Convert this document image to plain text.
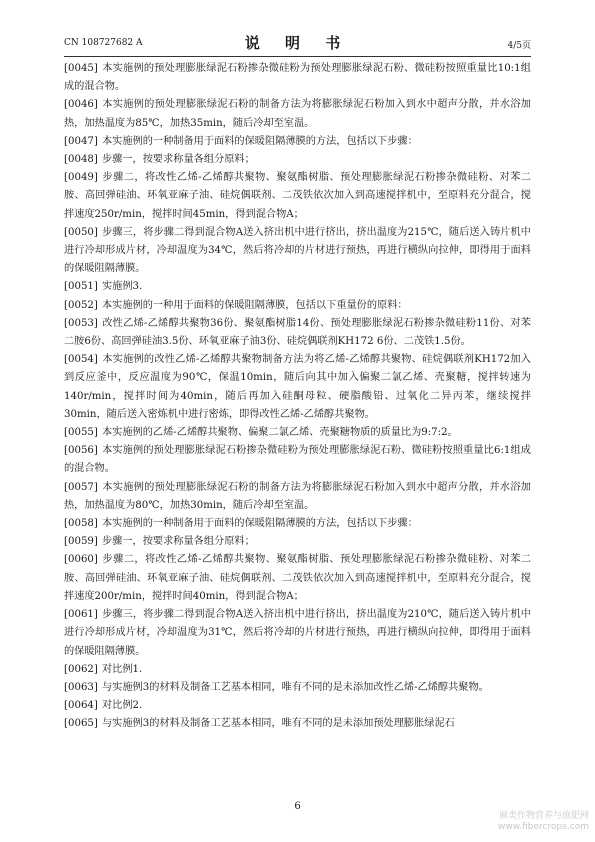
CN 108727682 A	说 明 书	4/5页

[0045] 本实施例的预处理膨胀绿泥石粉掺杂微硅粉为预处理膨胀绿泥石粉、微硅粉按照重量比10:1组成的混合物。

[0046] 本实施例的预处理膨胀绿泥石粉的制备方法为将膨胀绿泥石粉加入到水中超声分散，并水浴加热，加热温度为85℃，加热35min，随后冷却至室温。

[0047] 本实施例的一种制备用于面料的保暖阻隔薄膜的方法，包括以下步骤：

[0048] 步骤一，按要求称量各组分原料；

[0049] 步骤二，将改性乙烯-乙烯醇共聚物、聚氨酯树脂、预处理膨胀绿泥石粉掺杂微硅粉、对苯二胺、高回弹硅油、环氧亚麻子油、硅烷偶联剂、二茂铁依次加入到高速搅拌机中，至原料充分混合，搅拌速度250r/min，搅拌时间45min，得到混合物A；

[0050] 步骤三，将步骤二得到混合物A送入挤出机中进行挤出，挤出温度为215℃，随后送入铸片机中进行冷却形成片材，冷却温度为34℃，然后将冷却的片材进行预热，再进行横纵向拉伸，即得用于面料的保暖阻隔薄膜。

[0051] 实施例3.

[0052] 本实施例的一种用于面料的保暖阻隔薄膜，包括以下重量份的原料：

[0053] 改性乙烯-乙烯醇共聚物36份、聚氨酯树脂14份、预处理膨胀绿泥石粉掺杂微硅粉11份、对苯二胺6份、高回弹硅油3.5份、环氧亚麻子油3份、硅烷偶联剂KH172 6份、二茂铁1.5份。

[0054] 本实施例的改性乙烯-乙烯醇共聚物制备方法为将乙烯-乙烯醇共聚物、硅烷偶联剂KH172加入到反应釜中，反应温度为90℃，保温10min，随后向其中加入偏聚二氯乙烯、壳聚糖，搅拌转速为140r/min，搅拌时间为40min，随后再加入硅酮母粒、硬脂酸铅、过氧化二异丙苯，继续搅拌30min，随后送入密炼机中进行密炼，即得改性乙烯-乙烯醇共聚物。

[0055] 本实施例的乙烯-乙烯醇共聚物、偏聚二氯乙烯、壳聚糖物质的质量比为9:7:2。

[0056] 本实施例的预处理膨胀绿泥石粉掺杂微硅粉为预处理膨胀绿泥石粉、微硅粉按照重量比6:1组成的混合物。

[0057] 本实施例的预处理膨胀绿泥石粉的制备方法为将膨胀绿泥石粉加入到水中超声分散，并水浴加热，加热温度为80℃，加热30min，随后冷却至室温。

[0058] 本实施例的一种制备用于面料的保暖阻隔薄膜的方法，包括以下步骤：

[0059] 步骤一，按要求称量各组分原料；

[0060] 步骤二，将改性乙烯-乙烯醇共聚物、聚氨酯树脂、预处理膨胀绿泥石粉掺杂微硅粉、对苯二胺、高回弹硅油、环氧亚麻子油、硅烷偶联剂、二茂铁依次加入到高速搅拌机中，至原料充分混合，搅拌速度200r/min，搅拌时间40min，得到混合物A；

[0061] 步骤三，将步骤二得到混合物A送入挤出机中进行挤出，挤出温度为210℃，随后送入铸片机中进行冷却形成片材，冷却温度为31℃，然后将冷却的片材进行预热，再进行横纵向拉伸，即得用于面料的保暖阻隔薄膜。

[0062] 对比例1.

[0063] 与实施例3的材料及制备工艺基本相同，唯有不同的是未添加改性乙烯-乙烯醇共聚物。

[0064] 对比例2.

[0065] 与实施例3的材料及制备工艺基本相同，唯有不同的是未添加预处理膨胀绿泥石

6
麻类作物营养与施肥网
www.fibercrops.com
